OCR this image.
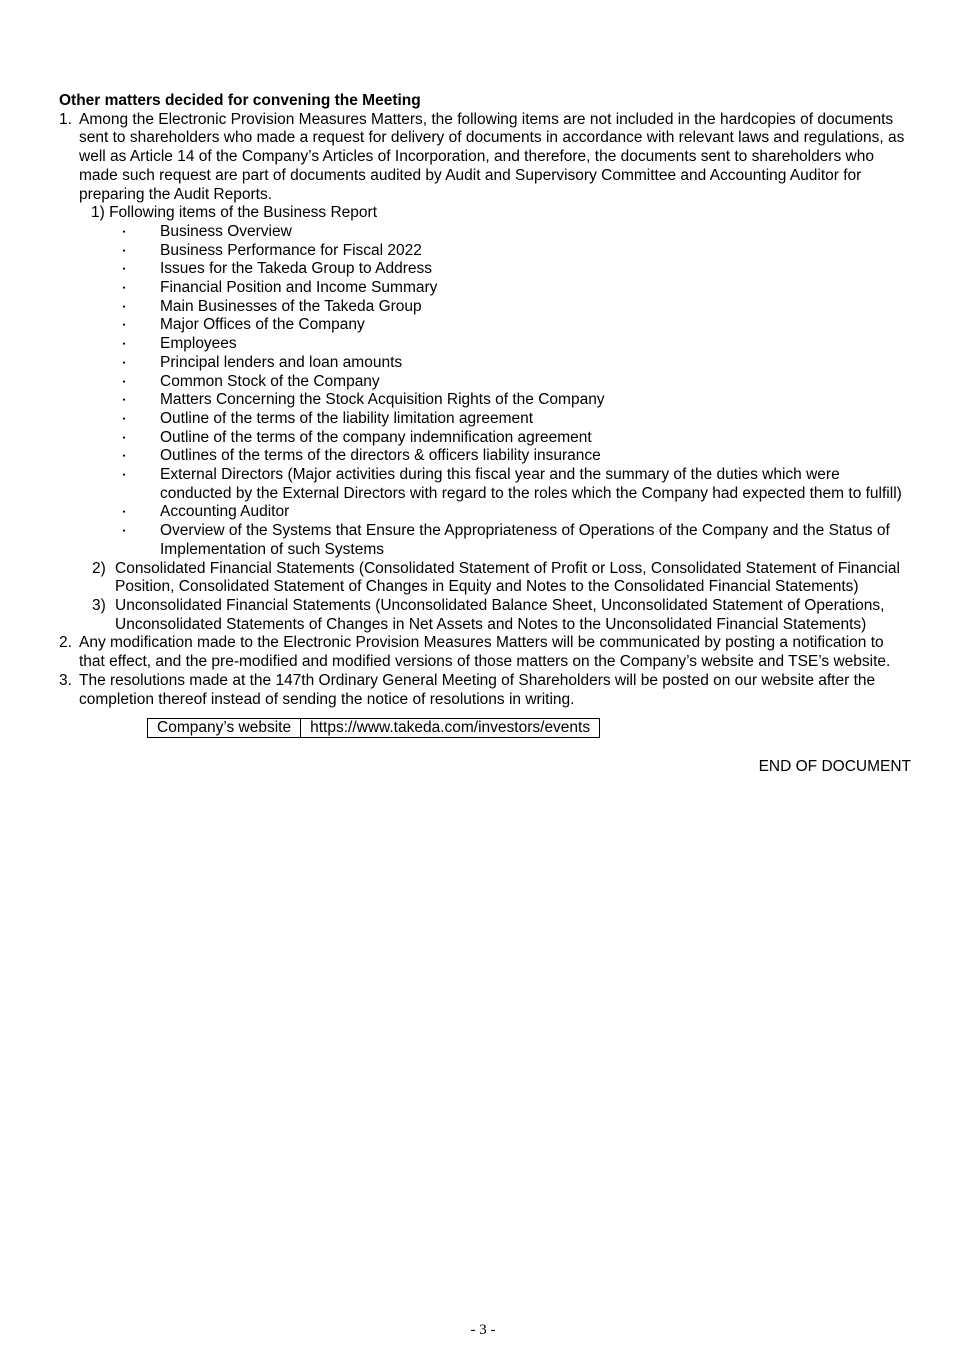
Other matters decided for convening the Meeting

1. Among the Electronic Provision Measures Matters, the following items are not included in the hardcopies of documents sent to shareholders who made a request for delivery of documents in accordance with relevant laws and regulations, as well as Article 14 of the Company’s Articles of Incorporation, and therefore, the documents sent to shareholders who made such request are part of documents audited by Audit and Supervisory Committee and Accounting Auditor for preparing the Audit Reports.

1) Following items of the Business Report

･ Business Overview
･ Business Performance for Fiscal 2022
･ Issues for the Takeda Group to Address
･ Financial Position and Income Summary
･ Main Businesses of the Takeda Group
･ Major Offices of the Company
･ Employees
･ Principal lenders and loan amounts
･ Common Stock of the Company
･ Matters Concerning the Stock Acquisition Rights of the Company
･ Outline of the terms of the liability limitation agreement
･ Outline of the terms of the company indemnification agreement
･ Outlines of the terms of the directors & officers liability insurance
･ External Directors (Major activities during this fiscal year and the summary of the duties which were conducted by the External Directors with regard to the roles which the Company had expected them to fulfill)
･ Accounting Auditor
･ Overview of the Systems that Ensure the Appropriateness of Operations of the Company and the Status of Implementation of such Systems
2) Consolidated Financial Statements (Consolidated Statement of Profit or Loss, Consolidated Statement of Financial Position, Consolidated Statement of Changes in Equity and Notes to the Consolidated Financial Statements)
3) Unconsolidated Financial Statements (Unconsolidated Balance Sheet, Unconsolidated Statement of Operations, Unconsolidated Statements of Changes in Net Assets and Notes to the Unconsolidated Financial Statements)
2. Any modification made to the Electronic Provision Measures Matters will be communicated by posting a notification to that effect, and the pre-modified and modified versions of those matters on the Company’s website and TSE’s website.

3. The resolutions made at the 147th Ordinary General Meeting of Shareholders will be posted on our website after the completion thereof instead of sending the notice of resolutions in writing.

Company’s website	https://www.takeda.com/investors/events

END OF DOCUMENT

- 3 -
